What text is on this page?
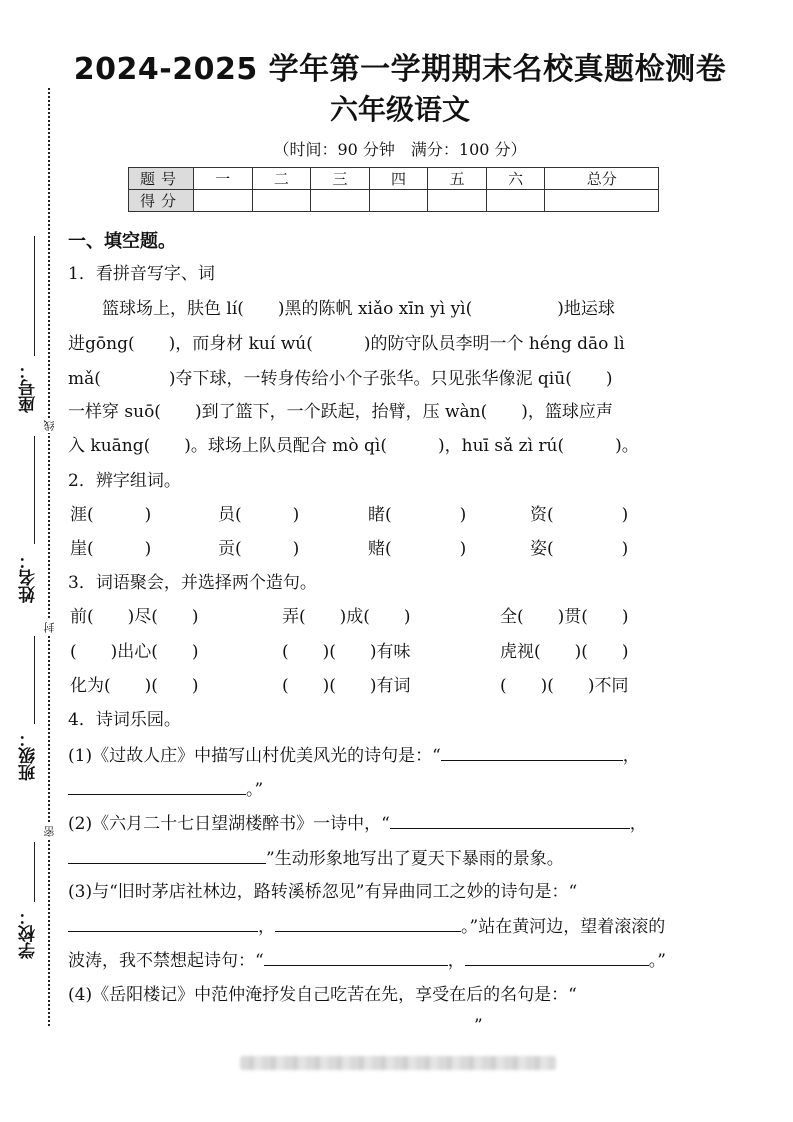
座号：
线
姓名：
封
班级：
密
学校：
2024-2025 学年第一学期期末名校真题检测卷
六年级语文
（时间：90 分钟　满分：100 分）
题号	一	二	三	四	五	六	总分
得分							
一、填空题。
1．看拼音写字、词
　　篮球场上，肤色 lí(　　)黑的陈帆 xiǎo xīn yì yì(　　　　　)地运球
进gōng(　　)，而身材 kuí wú(　　　)的防守队员李明一个 héng dāo lì
mǎ(　　　　)夺下球，一转身传给小个子张华。只见张华像泥 qiū(　　)
一样穿 suō(　　)到了篮下，一个跃起，抬臂，压 wàn(　　)，篮球应声
入 kuāng(　　)。球场上队员配合 mò qì(　　　)，huī sǎ zì rú(　　　)。
2．辨字组词。
涯(　　　)	员(　　　)	睹(　　　　)	资(　　　　)
崖(　　　)	贡(　　　)	赌(　　　　)	姿(　　　　)
3．词语聚会，并选择两个造句。
前(　　)尽(　　)	弄(　　)成(　　)	全(　　)贯(　　)
(　　)出心(　　)	(　　)(　　)有味	虎视(　　)(　　)
化为(　　)(　　)	(　　)(　　)有词	(　　)(　　)不同
4．诗词乐园。
(1)《过故人庄》中描写山村优美风光的诗句是：“	，
。”
(2)《六月二十七日望湖楼醉书》一诗中，“	，
”生动形象地写出了夏天下暴雨的景象。
(3)与“旧时茅店社林边，路转溪桥忽见”有异曲同工之妙的诗句是：“
，	。”站在黄河边，望着滚滚的
波涛，我不禁想起诗句：“	，	。”
(4)《岳阳楼记》中范仲淹抒发自己吃苦在先，享受在后的名句是：“
”
